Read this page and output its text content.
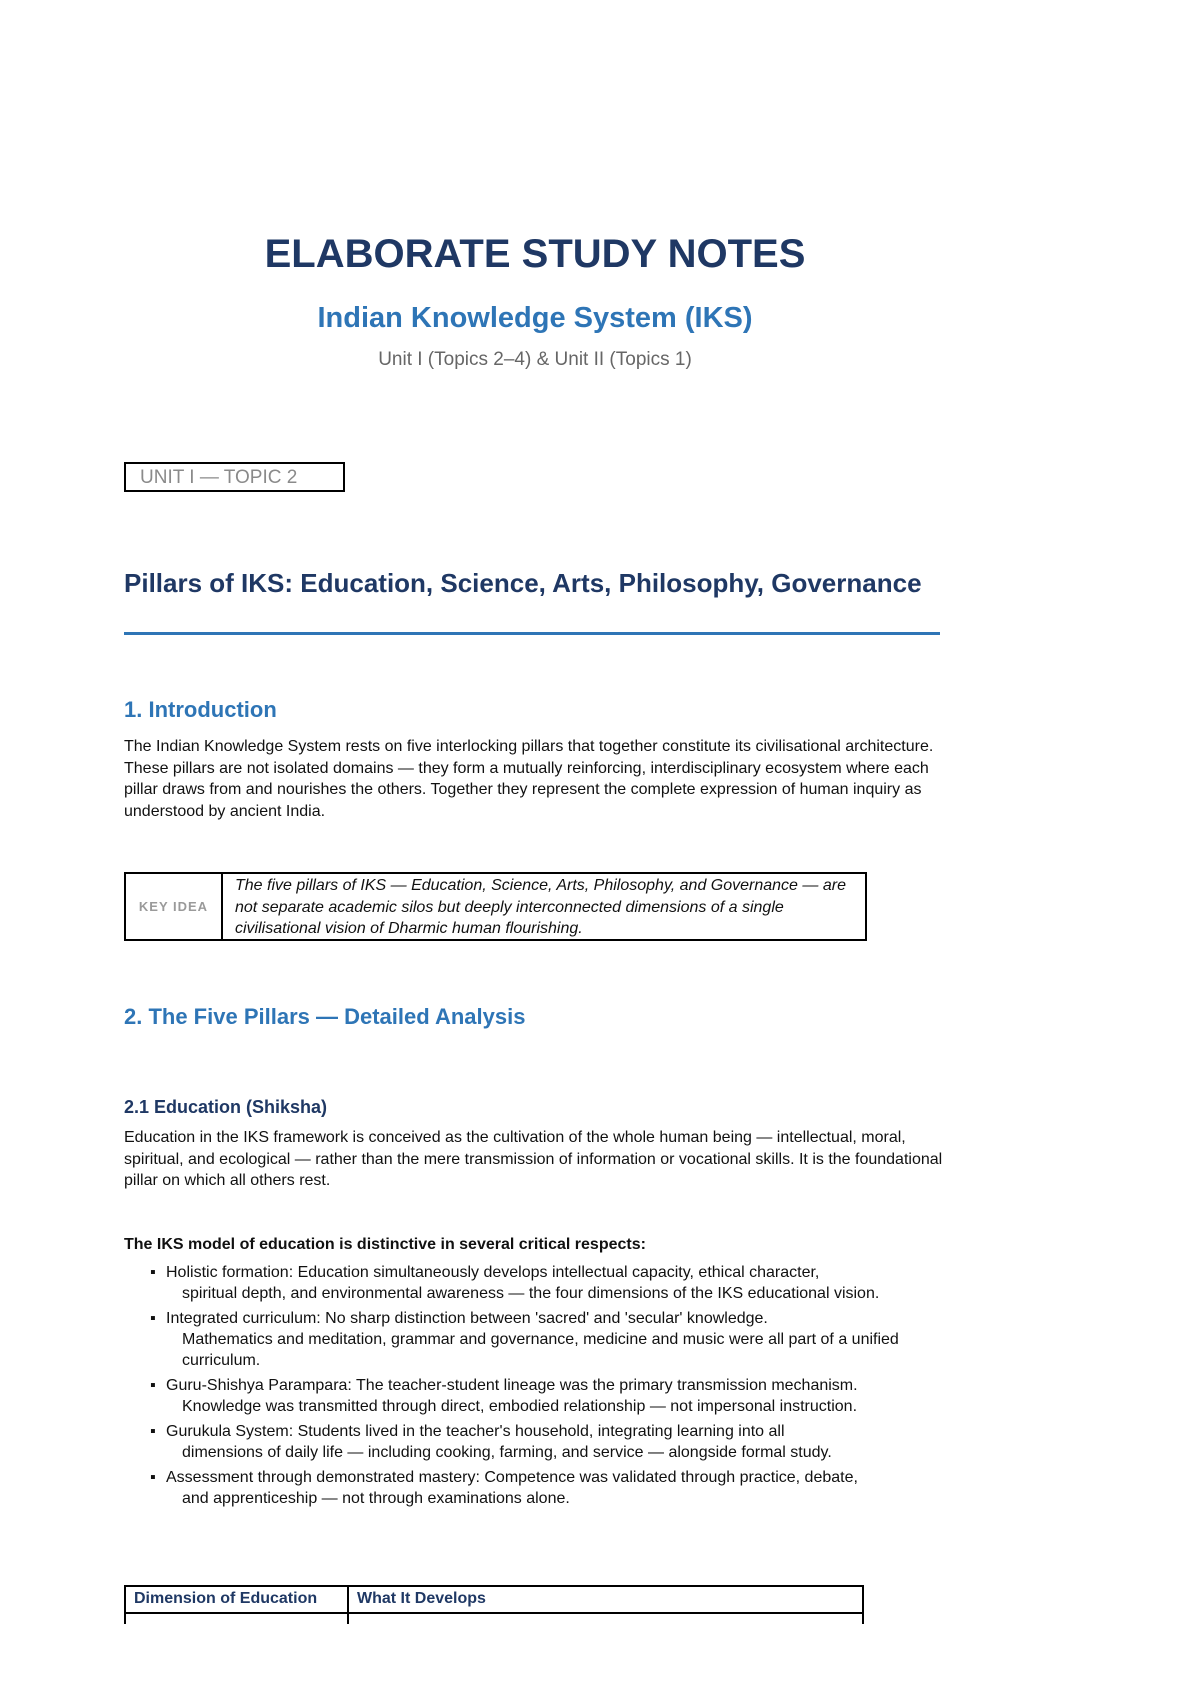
ELABORATE STUDY NOTES
Indian Knowledge System (IKS)
Unit I (Topics 2–4) & Unit II (Topics 1)
UNIT I — TOPIC 2
Pillars of IKS: Education, Science, Arts, Philosophy, Governance
1. Introduction
The Indian Knowledge System rests on five interlocking pillars that together constitute its civilisational architecture. These pillars are not isolated domains — they form a mutually reinforcing, interdisciplinary ecosystem where each pillar draws from and nourishes the others. Together they represent the complete expression of human inquiry as understood by ancient India.
KEY IDEA
The five pillars of IKS — Education, Science, Arts, Philosophy, and Governance — are not separate academic silos but deeply interconnected dimensions of a single civilisational vision of Dharmic human flourishing.
2. The Five Pillars — Detailed Analysis
2.1 Education (Shiksha)
Education in the IKS framework is conceived as the cultivation of the whole human being — intellectual, moral, spiritual, and ecological — rather than the mere transmission of information or vocational skills. It is the foundational pillar on which all others rest.
The IKS model of education is distinctive in several critical respects:
▪ Holistic formation: Education simultaneously develops intellectual capacity, ethical character,
spiritual depth, and environmental awareness — the four dimensions of the IKS educational vision.
▪ Integrated curriculum: No sharp distinction between 'sacred' and 'secular' knowledge.
Mathematics and meditation, grammar and governance, medicine and music were all part of a unified curriculum.
▪ Guru-Shishya Parampara: The teacher-student lineage was the primary transmission mechanism.
Knowledge was transmitted through direct, embodied relationship — not impersonal instruction.
▪ Gurukula System: Students lived in the teacher's household, integrating learning into all
dimensions of daily life — including cooking, farming, and service — alongside formal study.
▪ Assessment through demonstrated mastery: Competence was validated through practice, debate,
and apprenticeship — not through examinations alone.
Dimension of Education	What It Develops
